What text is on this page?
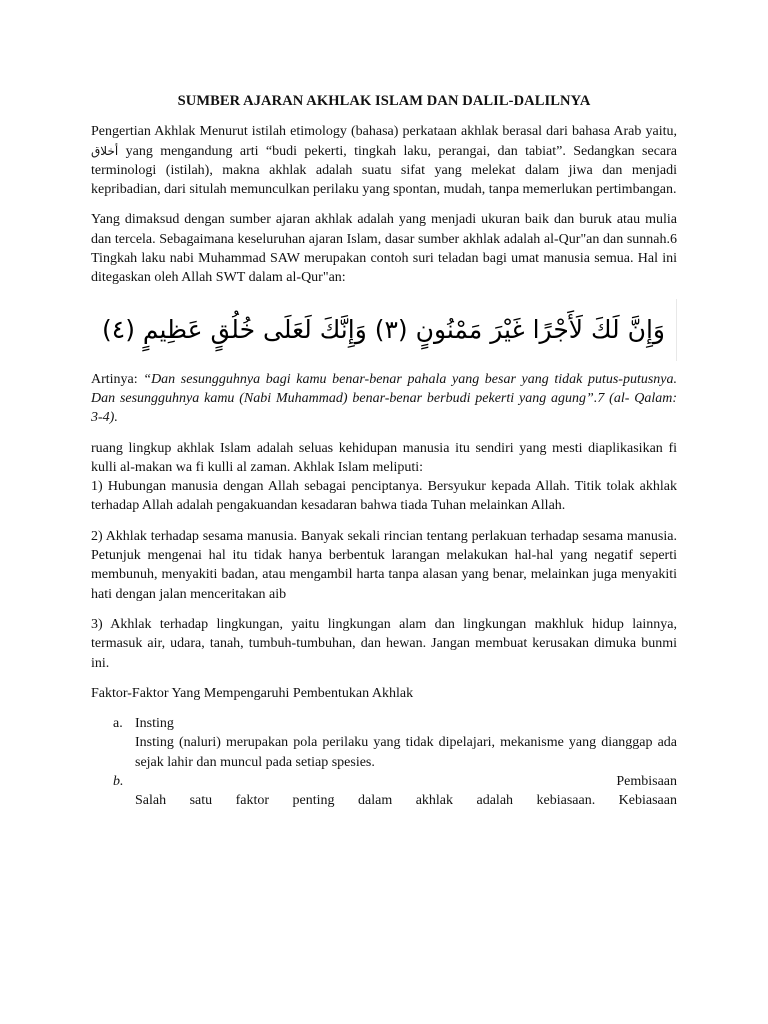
SUMBER AJARAN AKHLAK ISLAM DAN DALIL-DALILNYA

Pengertian Akhlak Menurut istilah etimology (bahasa) perkataan akhlak berasal dari bahasa Arab yaitu, أخلاق yang mengandung arti “budi pekerti, tingkah laku, perangai, dan tabiat”. Sedangkan secara terminologi (istilah), makna akhlak adalah suatu sifat yang melekat dalam jiwa dan menjadi kepribadian, dari situlah memunculkan perilaku yang spontan, mudah, tanpa memerlukan pertimbangan.

Yang dimaksud dengan sumber ajaran akhlak adalah yang menjadi ukuran baik dan buruk atau mulia dan tercela. Sebagaimana keseluruhan ajaran Islam, dasar sumber akhlak adalah al-Qur"an dan sunnah.6 Tingkah laku nabi Muhammad SAW merupakan contoh suri teladan bagi umat manusia semua. Hal ini ditegaskan oleh Allah SWT dalam al-Qur"an:

وَإِنَّ لَكَ لَأَجْرًا غَيْرَ مَمْنُونٍ (٣) وَإِنَّكَ لَعَلَى خُلُقٍ عَظِيمٍ (٤)

Artinya: “Dan sesungguhnya bagi kamu benar-benar pahala yang besar yang tidak putus-putusnya. Dan sesungguhnya kamu (Nabi Muhammad) benar-benar berbudi pekerti yang agung”.7 (al- Qalam: 3-4).

ruang lingkup akhlak Islam adalah seluas kehidupan manusia itu sendiri yang mesti diaplikasikan fi kulli al-makan wa fi kulli al zaman. Akhlak Islam meliputi:
1) Hubungan manusia dengan Allah sebagai penciptanya. Bersyukur kepada Allah. Titik tolak akhlak terhadap Allah adalah pengakuandan kesadaran bahwa tiada Tuhan melainkan Allah.

2) Akhlak terhadap sesama manusia. Banyak sekali rincian tentang perlakuan terhadap sesama manusia. Petunjuk mengenai hal itu tidak hanya berbentuk larangan melakukan hal-hal yang negatif seperti membunuh, menyakiti badan, atau mengambil harta tanpa alasan yang benar, melainkan juga menyakiti hati dengan jalan menceritakan aib

3) Akhlak terhadap lingkungan, yaitu lingkungan alam dan lingkungan makhluk hidup lainnya, termasuk air, udara, tanah, tumbuh-tumbuhan, dan hewan. Jangan membuat kerusakan dimuka bunmi ini.

Faktor-Faktor Yang Mempengaruhi Pembentukan Akhlak

a. Insting
Insting (naluri) merupakan pola perilaku yang tidak dipelajari, mekanisme yang dianggap ada sejak lahir dan muncul pada setiap spesies.
b.	Pembisaan
Salah satu faktor penting dalam akhlak adalah kebiasaan. Kebiasaan
